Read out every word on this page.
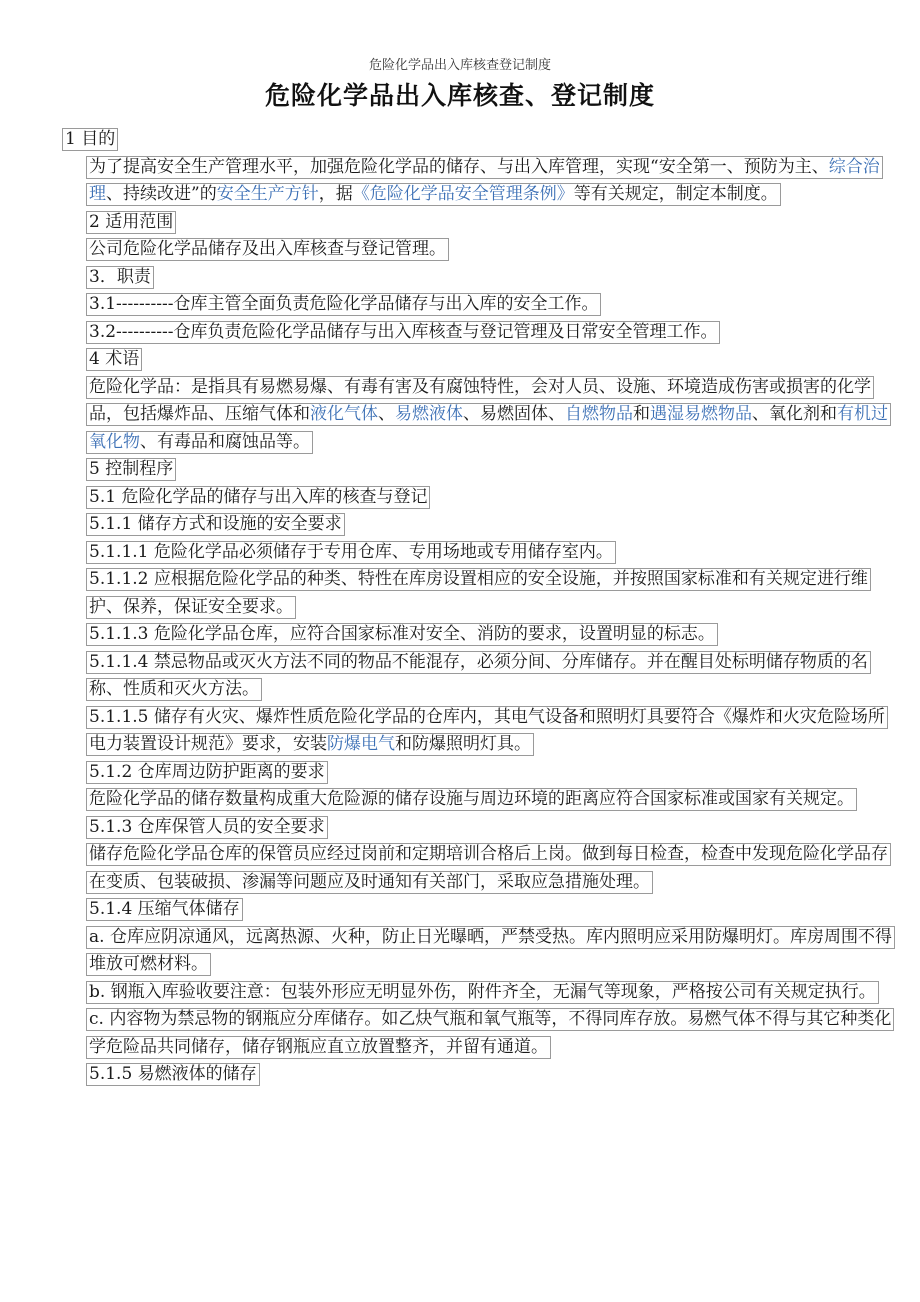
危险化学品出入库核查登记制度
危险化学品出入库核查、登记制度

1 目的

为了提高安全生产管理水平，加强危险化学品的储存、与出入库管理，实现“安全第一、预防为主、综合治理、持续改进”的安全生产方针，据《危险化学品安全管理条例》等有关规定，制定本制度。

2 适用范围

公司危险化学品储存及出入库核查与登记管理。

3．职责

3.1----------仓库主管全面负责危险化学品储存与出入库的安全工作。

3.2----------仓库负责危险化学品储存与出入库核查与登记管理及日常安全管理工作。

4 术语

危险化学品：是指具有易燃易爆、有毒有害及有腐蚀特性，会对人员、设施、环境造成伤害或损害的化学品，包括爆炸品、压缩气体和液化气体、易燃液体、易燃固体、自燃物品和遇湿易燃物品、氧化剂和有机过氧化物、有毒品和腐蚀品等。

5 控制程序

5.1 危险化学品的储存与出入库的核查与登记

5.1.1 储存方式和设施的安全要求

5.1.1.1 危险化学品必须储存于专用仓库、专用场地或专用储存室内。

5.1.1.2 应根据危险化学品的种类、特性在库房设置相应的安全设施，并按照国家标准和有关规定进行维护、保养，保证安全要求。

5.1.1.3 危险化学品仓库，应符合国家标准对安全、消防的要求，设置明显的标志。

5.1.1.4 禁忌物品或灭火方法不同的物品不能混存，必须分间、分库储存。并在醒目处标明储存物质的名称、性质和灭火方法。

5.1.1.5 储存有火灾、爆炸性质危险化学品的仓库内，其电气设备和照明灯具要符合《爆炸和火灾危险场所电力装置设计规范》要求，安装防爆电气和防爆照明灯具。

5.1.2 仓库周边防护距离的要求

危险化学品的储存数量构成重大危险源的储存设施与周边环境的距离应符合国家标准或国家有关规定。

5.1.3 仓库保管人员的安全要求

储存危险化学品仓库的保管员应经过岗前和定期培训合格后上岗。做到每日检查，检查中发现危险化学品存在变质、包装破损、渗漏等问题应及时通知有关部门，采取应急措施处理。

5.1.4 压缩气体储存

a. 仓库应阴凉通风，远离热源、火种，防止日光曝晒，严禁受热。库内照明应采用防爆明灯。库房周围不得堆放可燃材料。

b. 钢瓶入库验收要注意：包装外形应无明显外伤，附件齐全，无漏气等现象，严格按公司有关规定执行。

c. 内容物为禁忌物的钢瓶应分库储存。如乙炔气瓶和氧气瓶等，不得同库存放。易燃气体不得与其它种类化学危险品共同储存，储存钢瓶应直立放置整齐，并留有通道。

5.1.5 易燃液体的储存
